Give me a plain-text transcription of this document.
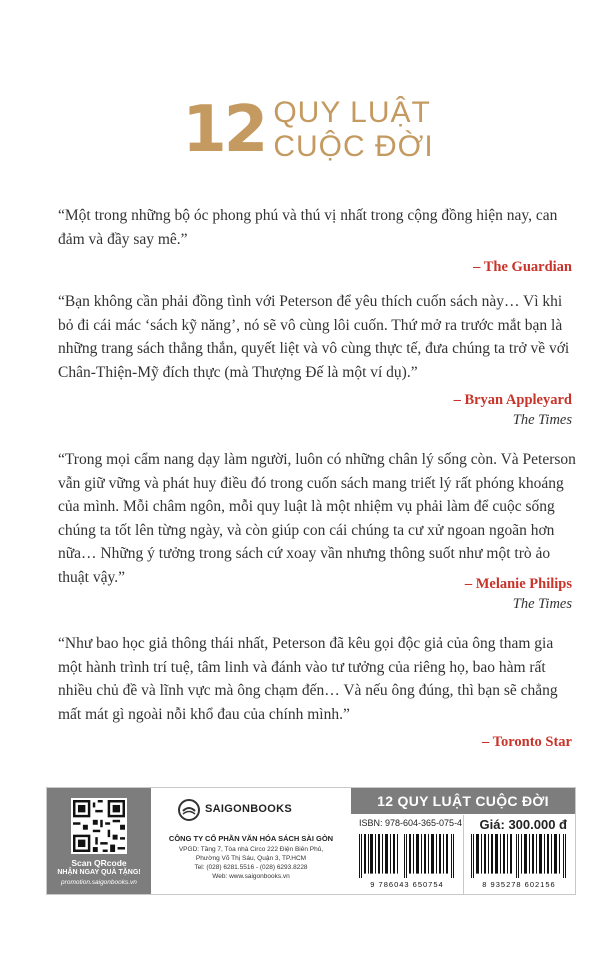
12 QUY LUẬT
CUỘC ĐỜI
“Một trong những bộ óc phong phú và thú vị nhất trong cộng đồng hiện nay, can đảm và đầy say mê.”
– The Guardian
“Bạn không cần phải đồng tình với Peterson để yêu thích cuốn sách này… Vì khi bỏ đi cái mác ‘sách kỹ năng’, nó sẽ vô cùng lôi cuốn. Thứ mở ra trước mắt bạn là những trang sách thẳng thắn, quyết liệt và vô cùng thực tế, đưa chúng ta trở về với Chân-Thiện-Mỹ đích thực (mà Thượng Đế là một ví dụ).”
– Bryan Appleyard
The Times
“Trong mọi cẩm nang dạy làm người, luôn có những chân lý sống còn. Và Peterson vẫn giữ vững và phát huy điều đó trong cuốn sách mang triết lý rất phóng khoáng của mình. Mỗi châm ngôn, mỗi quy luật là một nhiệm vụ phải làm để cuộc sống chúng ta tốt lên từng ngày, và còn giúp con cái chúng ta cư xử ngoan ngoãn hơn nữa… Những ý tưởng trong sách cứ xoay vần nhưng thông suốt như một trò ảo thuật vậy.”	– Melanie Philips
The Times
“Như bao học giả thông thái nhất, Peterson đã kêu gọi độc giả của ông tham gia một hành trình trí tuệ, tâm linh và đánh vào tư tưởng của riêng họ, bao hàm rất nhiều chủ đề và lĩnh vực mà ông chạm đến… Và nếu ông đúng, thì bạn sẽ chẳng mất mát gì ngoài nỗi khổ đau của chính mình.”
– Toronto Star
Scan QRcode
NHẬN NGAY QUÀ TẶNG!
promotion.saigonbooks.vn
SAIGONBOOKS
CÔNG TY CỔ PHẦN VĂN HÓA SÁCH SÀI GÒN
VPGD: Tầng 7, Tòa nhà Circo 222 Điện Biên Phủ,
Phường Võ Thị Sáu, Quận 3, TP.HCM
Tel: (028) 6281.5516 - (028) 6293.8228
Web: www.saigonbooks.vn
12 QUY LUẬT CUỘC ĐỜI
ISBN: 978-604-365-075-4 Giá: 300.000 đ
9 786043 650754	8 935278 602156
